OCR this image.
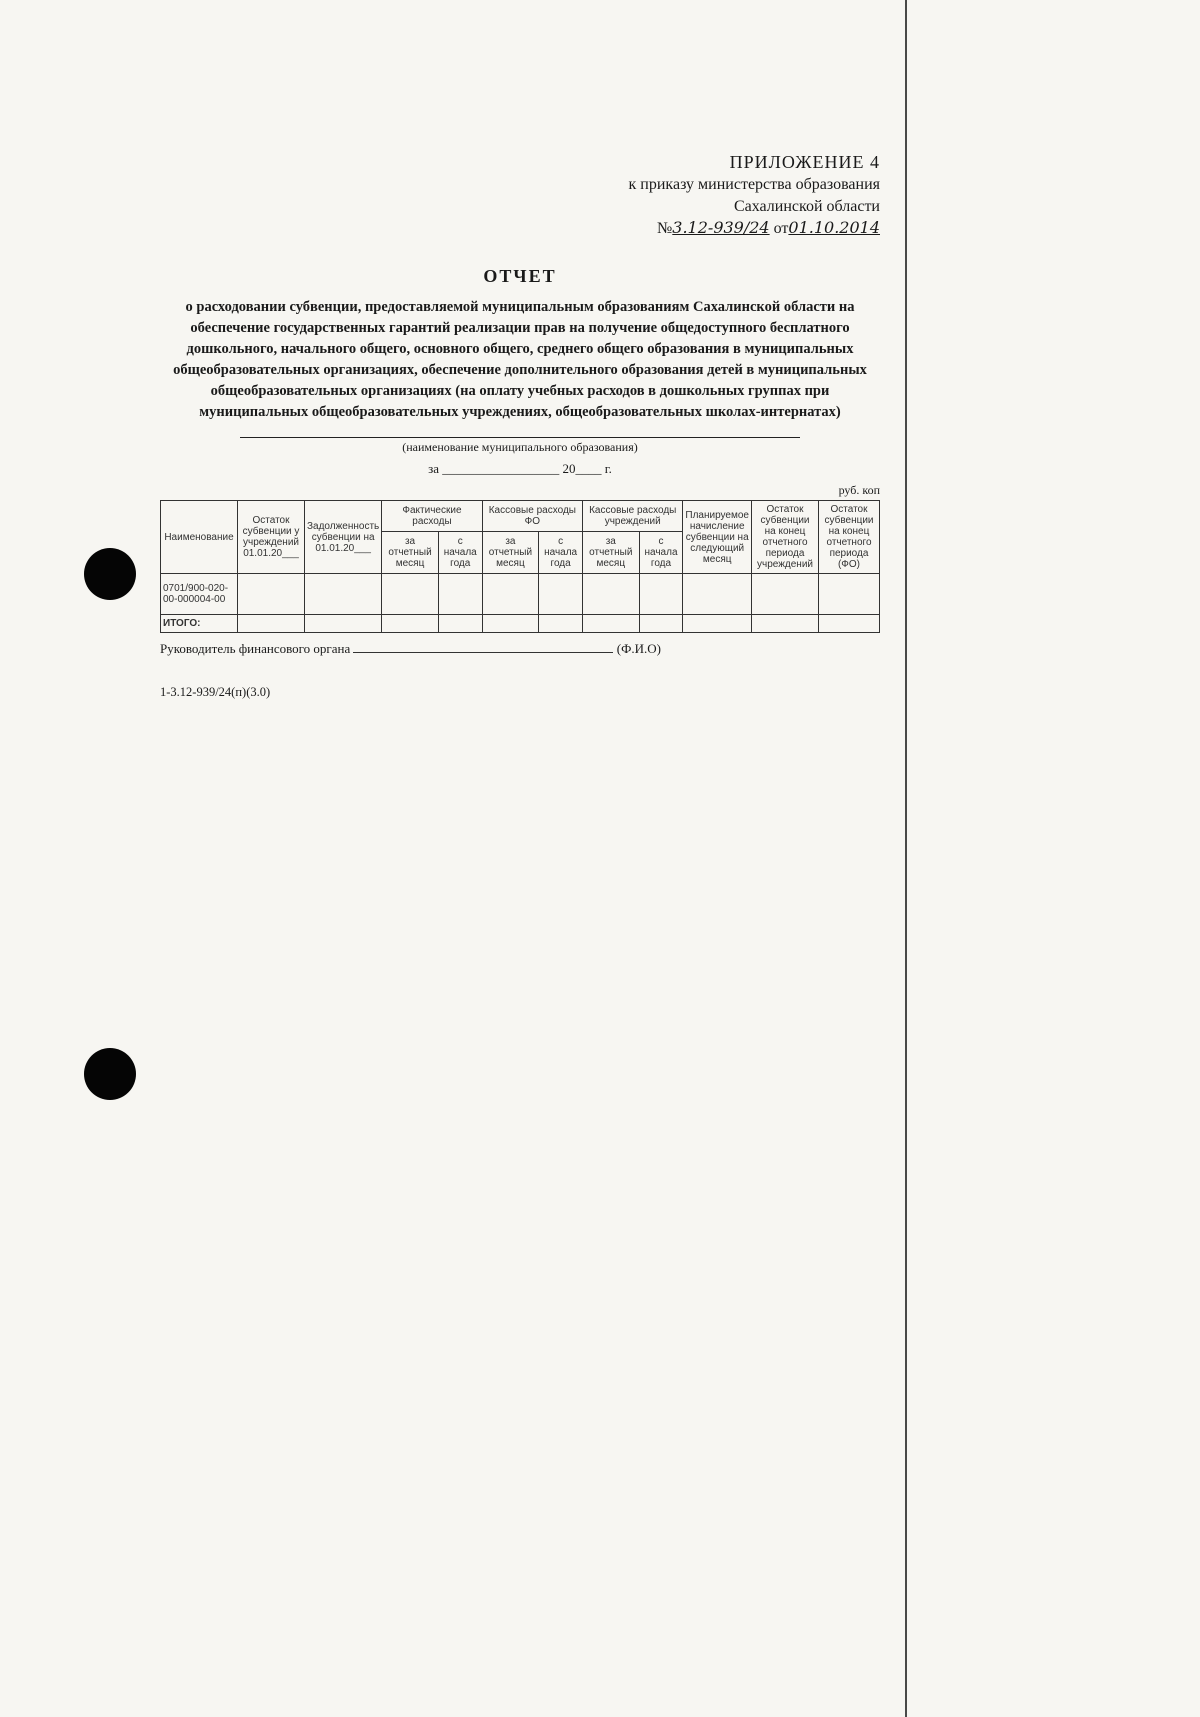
ПРИЛОЖЕНИЕ 4
к приказу министерства образования
Сахалинской области
№3.12-939/24 от01.10.2014
ОТЧЕТ
о расходовании субвенции, предоставляемой муниципальным образованиям Сахалинской области на обеспечение государственных гарантий реализации прав на получение общедоступного бесплатного дошкольного, начального общего, основного общего, среднего общего образования в муниципальных общеобразовательных организациях, обеспечение дополнительного образования детей в муниципальных общеобразовательных организациях (на оплату учебных расходов в дошкольных группах при муниципальных общеобразовательных учреждениях, общеобразовательных школах-интернатах)
(наименование муниципального образования)
за __________________ 20____ г.
руб. коп
Наименование	Остаток субвенции у учреждений 01.01.20___	Задолженность субвенции на 01.01.20___	Фактические расходы		Кассовые расходы ФО		Кассовые расходы учреждений		Планируемое начисление субвенции на следующий месяц	Остаток субвенции на конец отчетного периода учреждений	Остаток субвенции на конец отчетного периода (ФО)
			за отчетный месяц	с начала года	за отчетный месяц	с начала года	за отчетный месяц	с начала года			
0701/900-020-00-000004-00											
ИТОГО:											
Руководитель финансового органа	(Ф.И.О)
1-3.12-939/24(п)(3.0)
